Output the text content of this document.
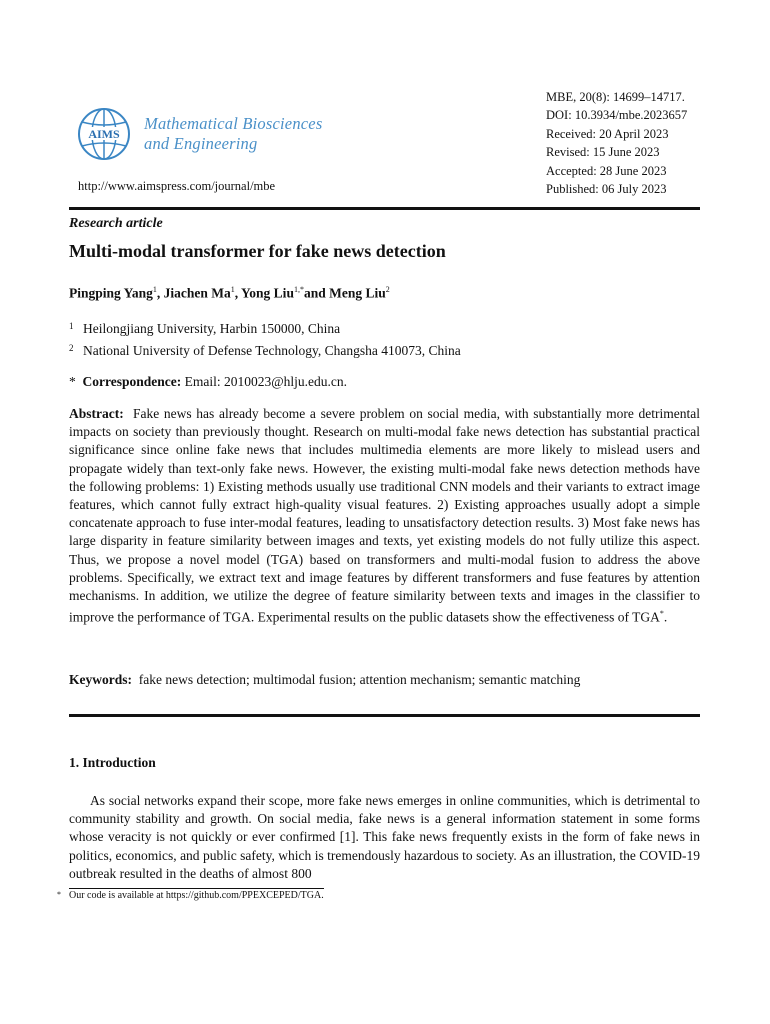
AIMS
Mathematical Biosciences
and Engineering
http://www.aimspress.com/journal/mbe
MBE, 20(8): 14699–14717.
DOI: 10.3934/mbe.2023657
Received: 20 April 2023
Revised: 15 June 2023
Accepted: 28 June 2023
Published: 06 July 2023
Research article
Multi-modal transformer for fake news detection
Pingping Yang$^1$, Jiachen Ma$^1$, Yong Liu$^{1,*}$and Meng Liu$^2$
1 Heilongjiang University, Harbin 150000, China
2 National University of Defense Technology, Changsha 410073, China
* Correspondence: Email: 2010023@hlju.edu.cn.

Abstract: Fake news has already become a severe problem on social media, with substantially more detrimental impacts on society than previously thought. Research on multi-modal fake news detection has substantial practical significance since online fake news that includes multimedia elements are more likely to mislead users and propagate widely than text-only fake news. However, the existing multi-modal fake news detection methods have the following problems: 1) Existing methods usually use traditional CNN models and their variants to extract image features, which cannot fully extract high-quality visual features. 2) Existing approaches usually adopt a simple concatenate approach to fuse inter-modal features, leading to unsatisfactory detection results. 3) Most fake news has large disparity in feature similarity between images and texts, yet existing models do not fully utilize this aspect. Thus, we propose a novel model (TGA) based on transformers and multi-modal fusion to address the above problems. Specifically, we extract text and image features by different transformers and fuse features by attention mechanisms. In addition, we utilize the degree of feature similarity between texts and images in the classifier to improve the performance of TGA. Experimental results on the public datasets show the effectiveness of TGA*.

Keywords: fake news detection; multimodal fusion; attention mechanism; semantic matching
1. Introduction

As social networks expand their scope, more fake news emerges in online communities, which is detrimental to community stability and growth. On social media, fake news is a general information statement in some forms whose veracity is not quickly or ever confirmed [1]. This fake news frequently exists in the form of fake news in politics, economics, and public safety, which is tremendously hazardous to society. As an illustration, the COVID-19 outbreak resulted in the deaths of almost 800

* Our code is available at https://github.com/PPEXCEPED/TGA.
